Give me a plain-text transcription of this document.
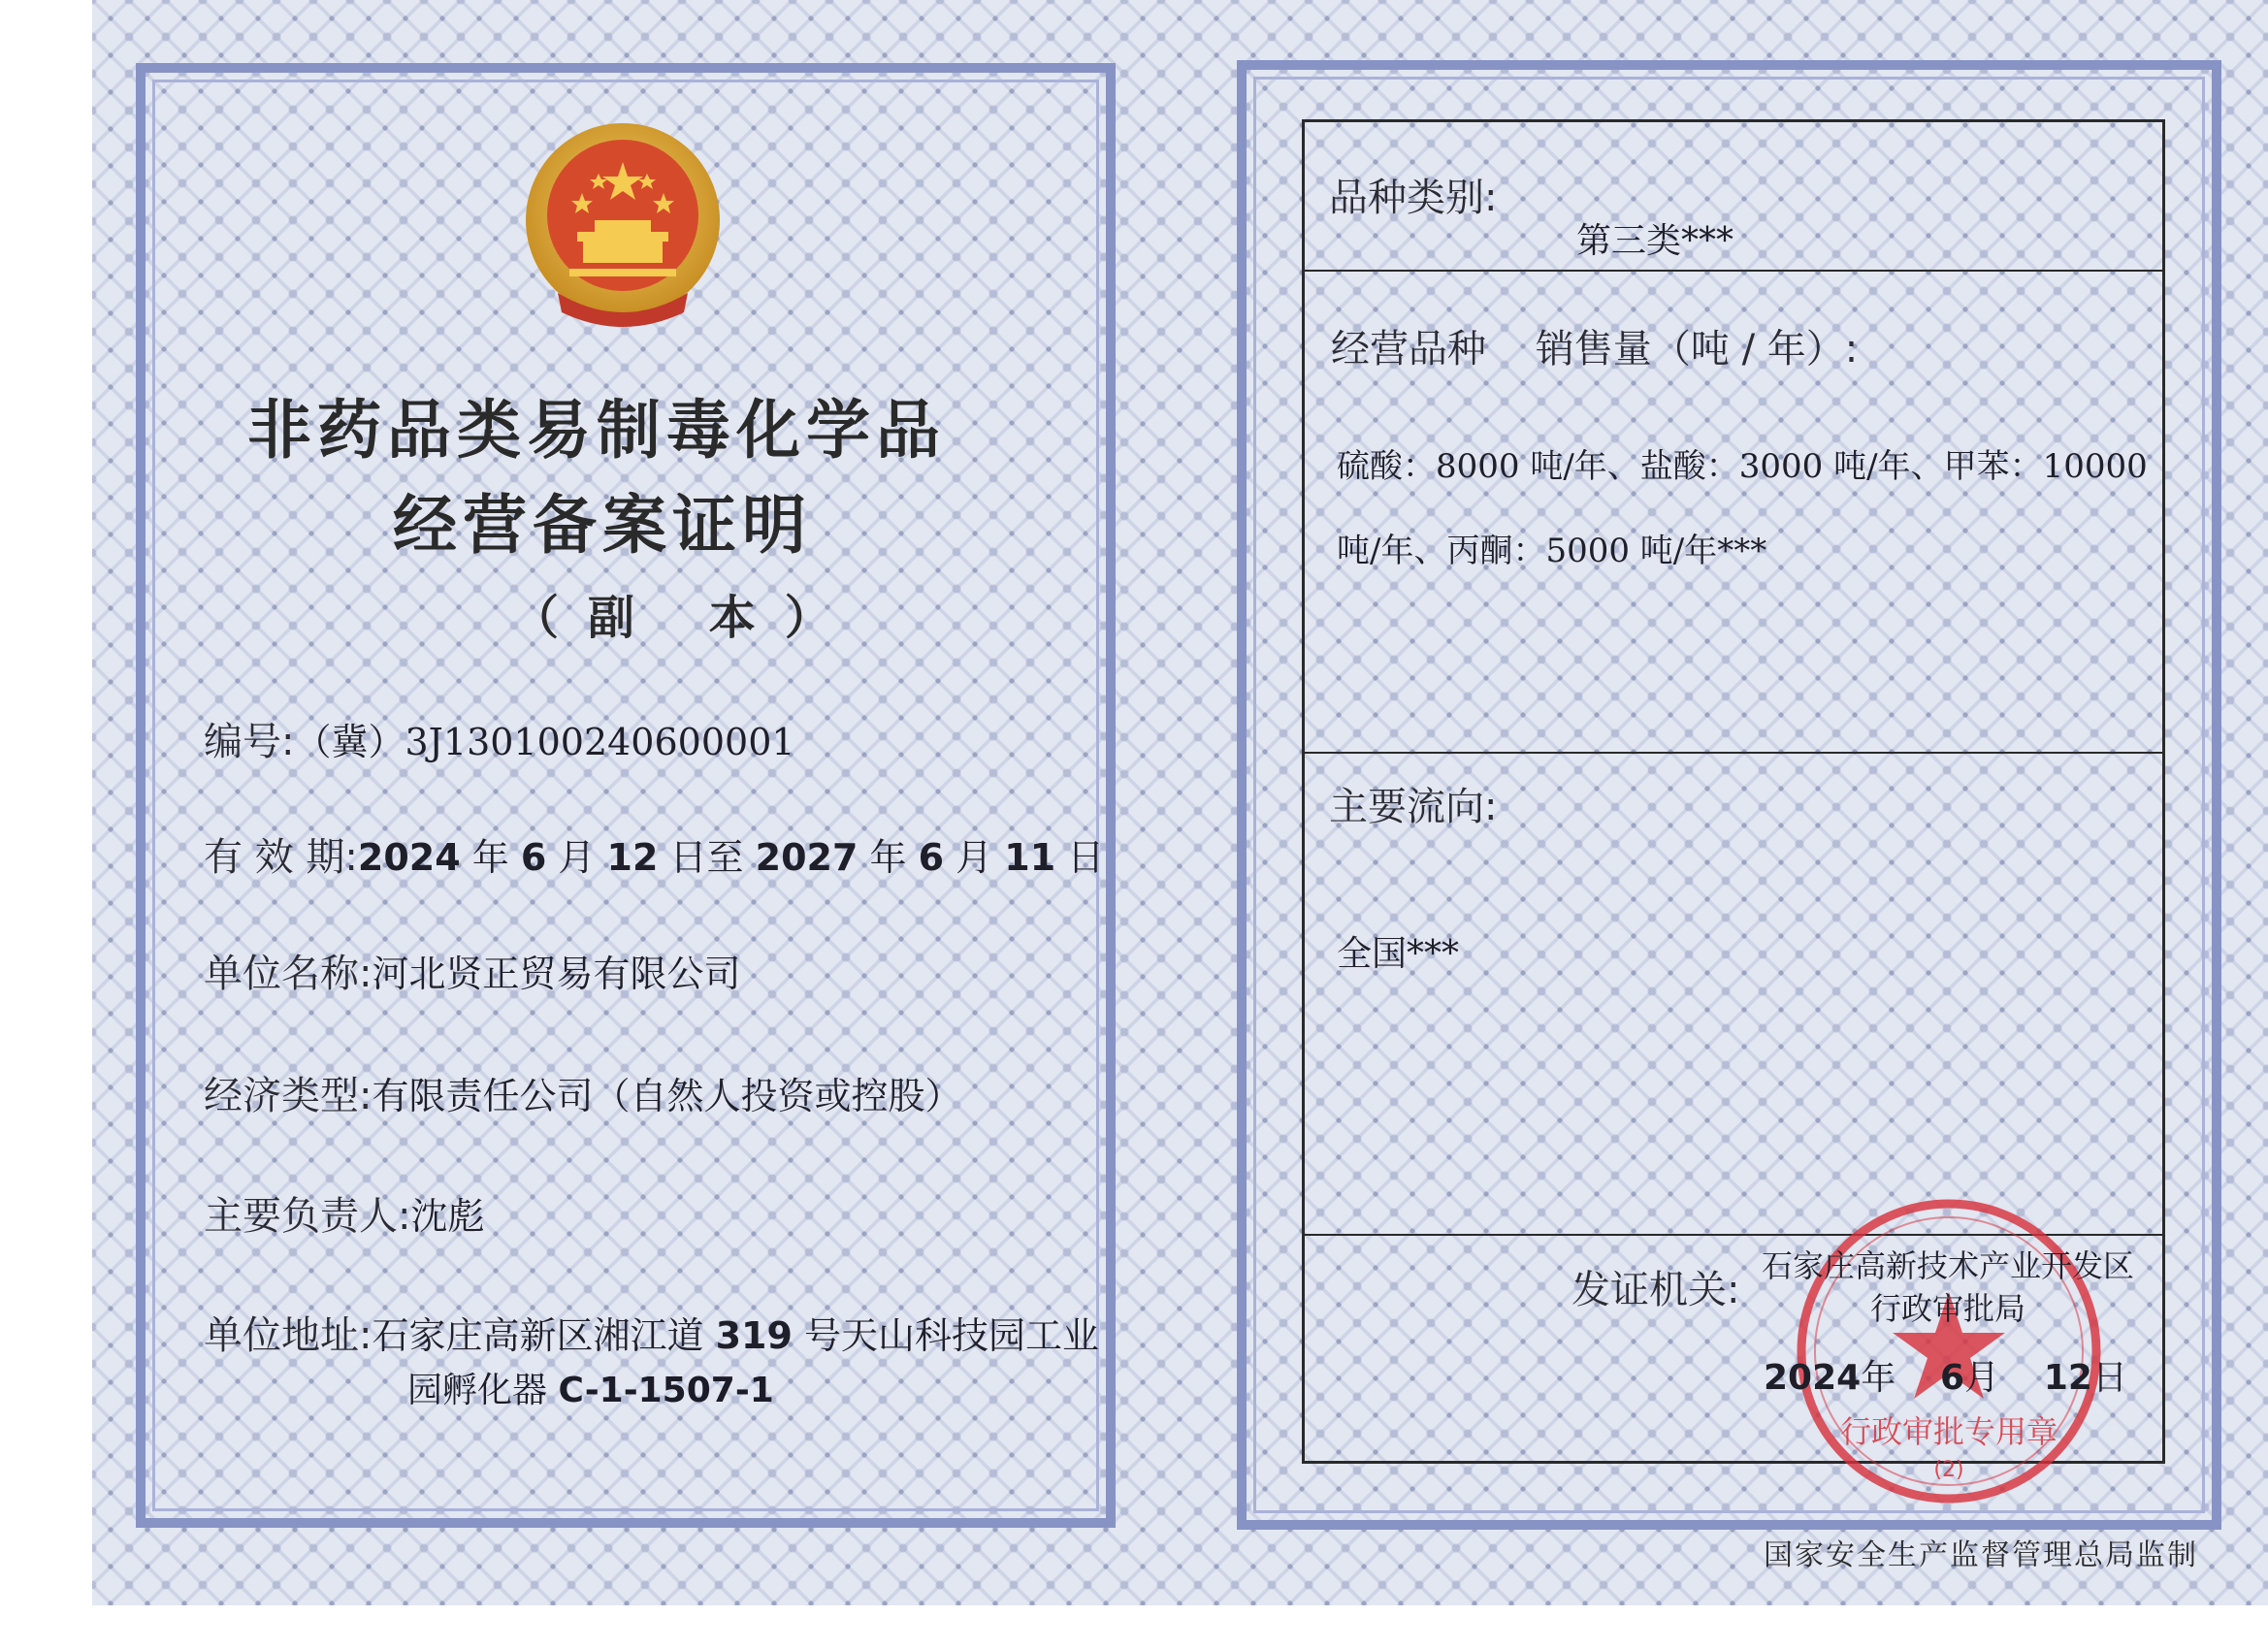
非药品类易制毒化学品
经营备案证明
（副 本）
编号:（冀）3J130100240600001
有 效 期:2024 年 6 月 12 日至 2027 年 6 月 11 日
单位名称:河北贤正贸易有限公司
经济类型:有限责任公司（自然人投资或控股）
主要负责人:沈彪
单位地址:石家庄高新区湘江道 319 号天山科技园工业
园孵化器 C-1-1507-1
品种类别:
第三类***
经营品种    销售量（吨 / 年）:
硫酸：8000 吨/年、盐酸：3000 吨/年、甲苯：10000
吨/年、丙酮：5000 吨/年***
主要流向:
全国***
行政审批专用章
(2)
发证机关:
石家庄高新技术产业开发区
行政审批局
2024年 6月 12日
国家安全生产监督管理总局监制
